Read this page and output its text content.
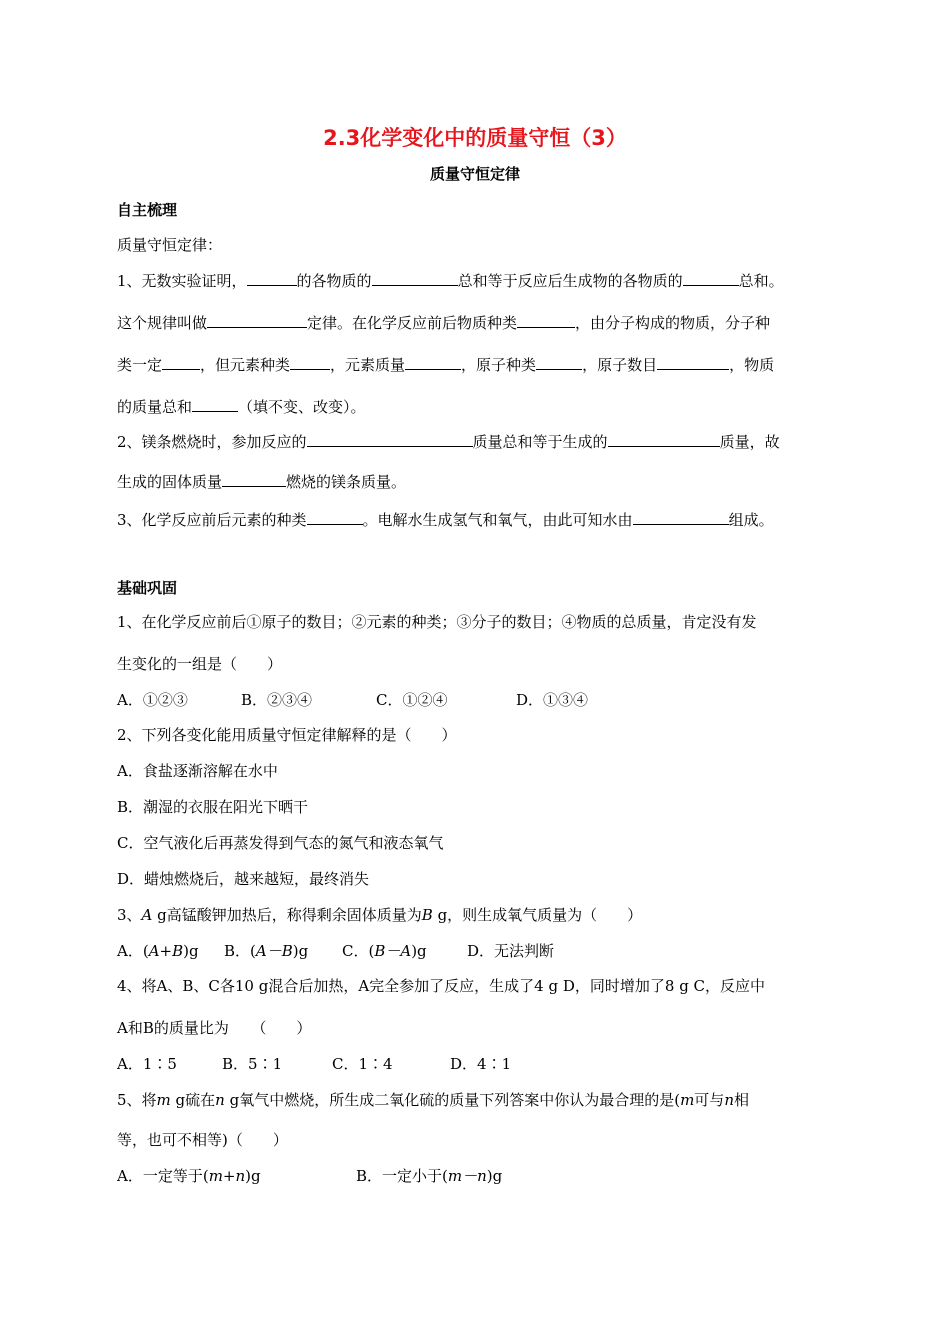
2.3化学变化中的质量守恒（3）
质量守恒定律
自主梳理
质量守恒定律：
1、无数实验证明，	的各物质的	总和等于反应后生成物的各物质的	总和。
这个规律叫做	定律。在化学反应前后物质种类	，由分子构成的物质，分子种
类一定	，但元素种类	，元素质量	，原子种类	，原子数目	，物质
的质量总和	（填不变、改变）。
2、镁条燃烧时，参加反应的	质量总和等于生成的	质量，故
生成的固体质量	燃烧的镁条质量。
3、化学反应前后元素的种类	。电解水生成氢气和氧气，由此可知水由	组成。
基础巩固
1、在化学反应前后①原子的数目；②元素的种类；③分子的数目；④物质的总质量，肯定没有发
生变化的一组是（　　）
A．①②③	B．②③④	C．①②④	D．①③④
2、下列各变化能用质量守恒定律解释的是（　　）
A．食盐逐渐溶解在水中
B．潮湿的衣服在阳光下晒干
C．空气液化后再蒸发得到气态的氮气和液态氧气
D．蜡烛燃烧后，越来越短，最终消失
3、A g高锰酸钾加热后，称得剩余固体质量为B g，则生成氧气质量为（　　）
A．(A+B)g B．(A－B)g C．(B－A)g	D．无法判断
4、将A、B、C各10 g混合后加热，A完全参加了反应，生成了4 g D，同时增加了8 g C，反应中
A和B的质量比为　　（　　）
A．1∶5	B．5∶1	C．1∶4	D．4∶1
5、将m g硫在n g氧气中燃烧，所生成二氧化硫的质量下列答案中你认为最合理的是(m可与n相
等，也可不相等)（　　）
A．一定等于(m+n)g	B．一定小于(m－n)g
